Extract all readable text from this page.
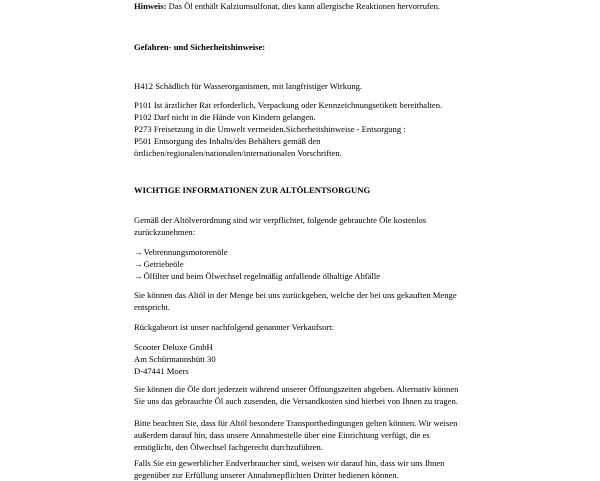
Hinweis: Das Öl enthält Kalziumsulfonat, dies kann allergische Reaktionen hervorrufen.

Gefahren- und Sicherheitshinweise:

H412 Schädlich für Wasserorganismen, mit langfristiger Wirkung.

P101 Ist ärztlicher Rat erforderlich, Verpackung oder Kennzeichnungsetikett bereithalten.
P102 Darf nicht in die Hände von Kindern gelangen.
P273 Freisetzung in die Umwelt vermeiden.Sicherheitshinweise - Entsorgung :
P501 Entsorgung des Inhalts/des Behälters gemäß den
örtlichen/regionalen/nationalen/internationalen Vorschriften.

WICHTIGE INFORMATIONEN ZUR ALTÖLENTSORGUNG

Gemäß der Altölverordnung sind wir verpflichtet, folgende gebrauchte Öle kostenlos
zurückzunehmen:
→Vebrennungsmotorenöle
→Getriebeöle
→Ölfilter und beim Ölwechsel regelmäßig anfallende ölhaltige Abfälle
Sie können das Altöl in der Menge bei uns zurückgeben, welche der bei uns gekauften Menge
entspricht.

Rückgabeort ist unser nachfolgend genannter Verkaufsort:

Scooter Deluxe GmbH
Am Schürmannshütt 30
D-47441 Moers
Sie können die Öle dort jederzeit während unserer Öffnungszeiten abgeben. Alternativ können
Sie uns das gebrauchte Öl auch zusenden, die Versandkosten sind hierbei von Ihnen zu tragen.
Bitte beachten Sie, dass für Altöl besondere Transportbedingungen gelten können. Wir weisen
außerdem darauf hin, dass unsere Annahmestelle über eine Einrichtung verfügt, die es
ermöglicht, den Ölwechsel fachgerecht durchzuführen.
Falls Sie ein gewerblicher Endverbraucher sind, weisen wir darauf hin, dass wir uns Ihnen
gegenüber zur Erfüllung unserer Annahmepflichten Dritter bedienen können.
